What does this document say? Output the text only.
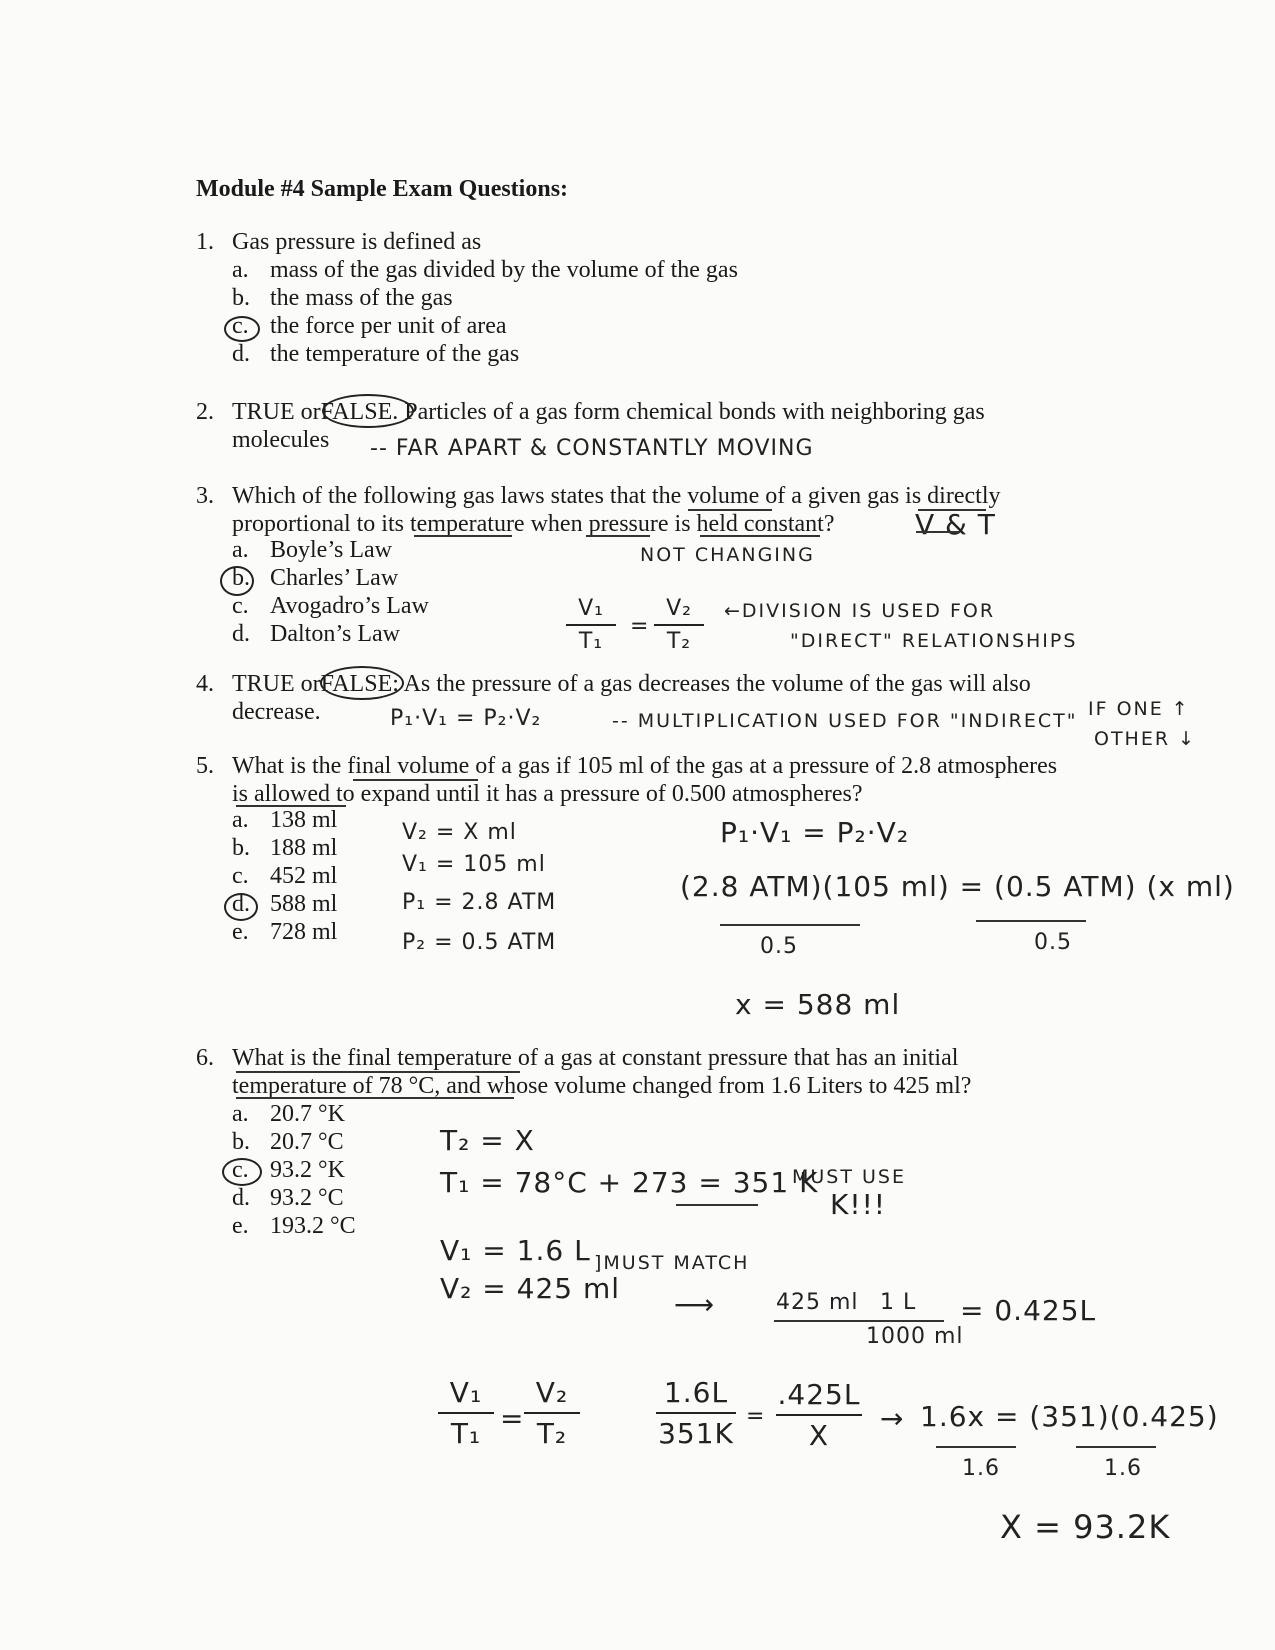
Module #4 Sample Exam Questions:
1. Gas pressure is defined as
a. mass of the gas divided by the volume of the gas
b. the mass of the gas
c. the force per unit of area
d. the temperature of the gas
2. TRUE orFALSE. Particles of a gas form chemical bonds with neighboring gas
molecules -- FAR APART & CONSTANTLY MOVING
3. Which of the following gas laws states that the volume of a given gas is directly
proportional to its temperature when pressure is held constant?	V & T
NOT CHANGING
a. Boyle’s Law
b. Charles’ Law
c. Avogadro’s Law
d. Dalton’s Law
V₁
T₁
=
V₂
T₂
←DIVISION IS USED FOR
"DIRECT" RELATIONSHIPS
4. TRUE orFALSE: As the pressure of a gas decreases the volume of the gas will also
decrease.	P₁·V₁ = P₂·V₂	-- MULTIPLICATION USED FOR "INDIRECT"
IF ONE ↑
OTHER ↓
5. What is the final volume of a gas if 105 ml of the gas at a pressure of 2.8 atmospheres
is allowed to expand until it has a pressure of 0.500 atmospheres?
a. 138 ml
b. 188 ml
c. 452 ml
d. 588 ml
e. 728 ml
V₂ = X ml
V₁ = 105 ml
P₁ = 2.8 ATM
P₂ = 0.5 ATM
P₁·V₁ = P₂·V₂
(2.8 ATM)(105 ml) = (0.5 ATM) (x ml)
0.5	0.5
x = 588 ml
6. What is the final temperature of a gas at constant pressure that has an initial
temperature of 78 °C, and whose volume changed from 1.6 Liters to 425 ml?
a. 20.7 °K
b. 20.7 °C
c. 93.2 °K
d. 93.2 °C
e. 193.2 °C
T₂ = X
T₁ = 78°C + 273 = 351 K
MUST USE
K!!!
V₁ = 1.6 L
V₂ = 425 ml
]MUST MATCH
⟶	425 ml 1 L
1000 ml
= 0.425L
V₁
T₁ =
V₂
T₂
1.6L
351K
=
.425L
X
→ 1.6x = (351)(0.425)
1.6	1.6
X = 93.2K
